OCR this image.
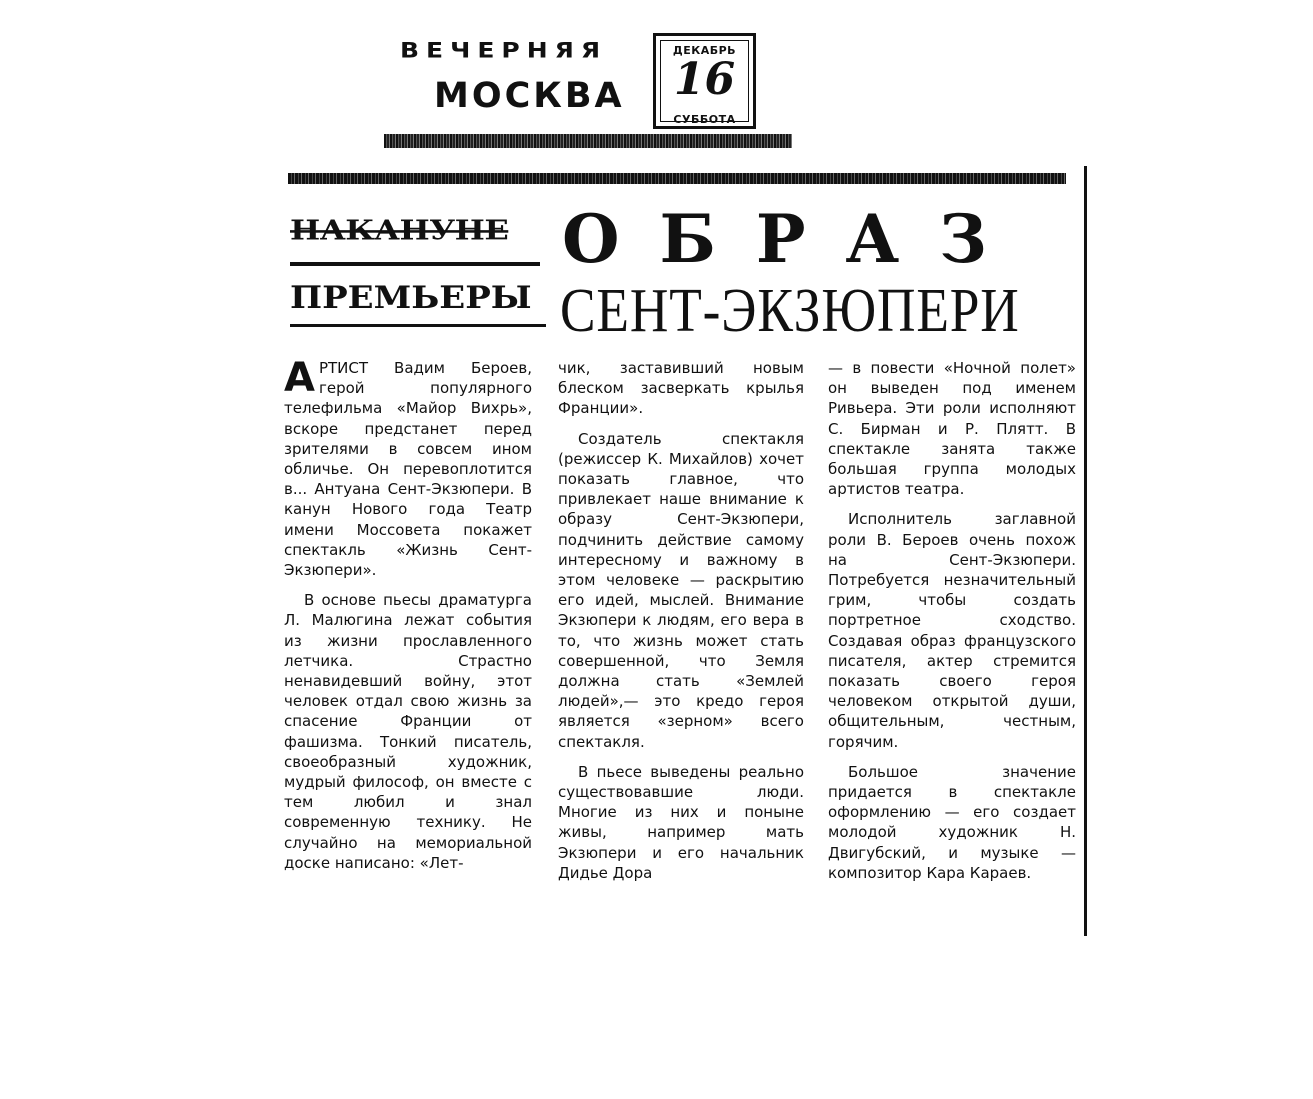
ВЕЧЕРНЯЯ
МОСКВА
ДЕКАБРЬ
16
СУББОТА
НАКАНУНЕ
ПРЕМЬЕРЫ
ОБРАЗ
СЕНТ-ЭКЗЮПЕРИ

АРТИСТ Вадим Бероев, герой популярного телефильма «Майор Вихрь», вскоре предстанет перед зрителями в совсем ином обличье. Он перевоплотится в... Антуана Сент-Экзюпери. В канун Нового года Театр имени Моссовета покажет спектакль «Жизнь Сент-Экзюпери».

В основе пьесы драматурга Л. Малюгина лежат события из жизни прославленного летчика. Страстно ненавидевший войну, этот человек отдал свою жизнь за спасение Франции от фашизма. Тонкий писатель, своеобразный художник, мудрый философ, он вместе с тем любил и знал современную технику. Не случайно на мемориальной доске написано: «Лет-

чик, заставивший новым блеском засверкать крылья Франции».

Создатель спектакля (режиссер К. Михайлов) хочет показать главное, что привлекает наше внимание к образу Сент-Экзюпери, подчинить действие самому интересному и важному в этом человеке — раскрытию его идей, мыслей. Внимание Экзюпери к людям, его вера в то, что жизнь может стать совершенной, что Земля должна стать «Землей людей»,— это кредо героя является «зерном» всего спектакля.

В пьесе выведены реально существовавшие люди. Многие из них и поныне живы, например мать Экзюпери и его начальник Дидье Дора

— в повести «Ночной полет» он выведен под именем Ривьера. Эти роли исполняют С. Бирман и Р. Плятт. В спектакле занята также большая группа молодых артистов театра.

Исполнитель заглавной роли В. Бероев очень похож на Сент-Экзюпери. Потребуется незначительный грим, чтобы создать портретное сходство. Создавая образ французского писателя, актер стремится показать своего героя человеком открытой души, общительным, честным, горячим.

Большое значение придается в спектакле оформлению — его создает молодой художник Н. Двигубский, и музыке — композитор Кара Караев.
